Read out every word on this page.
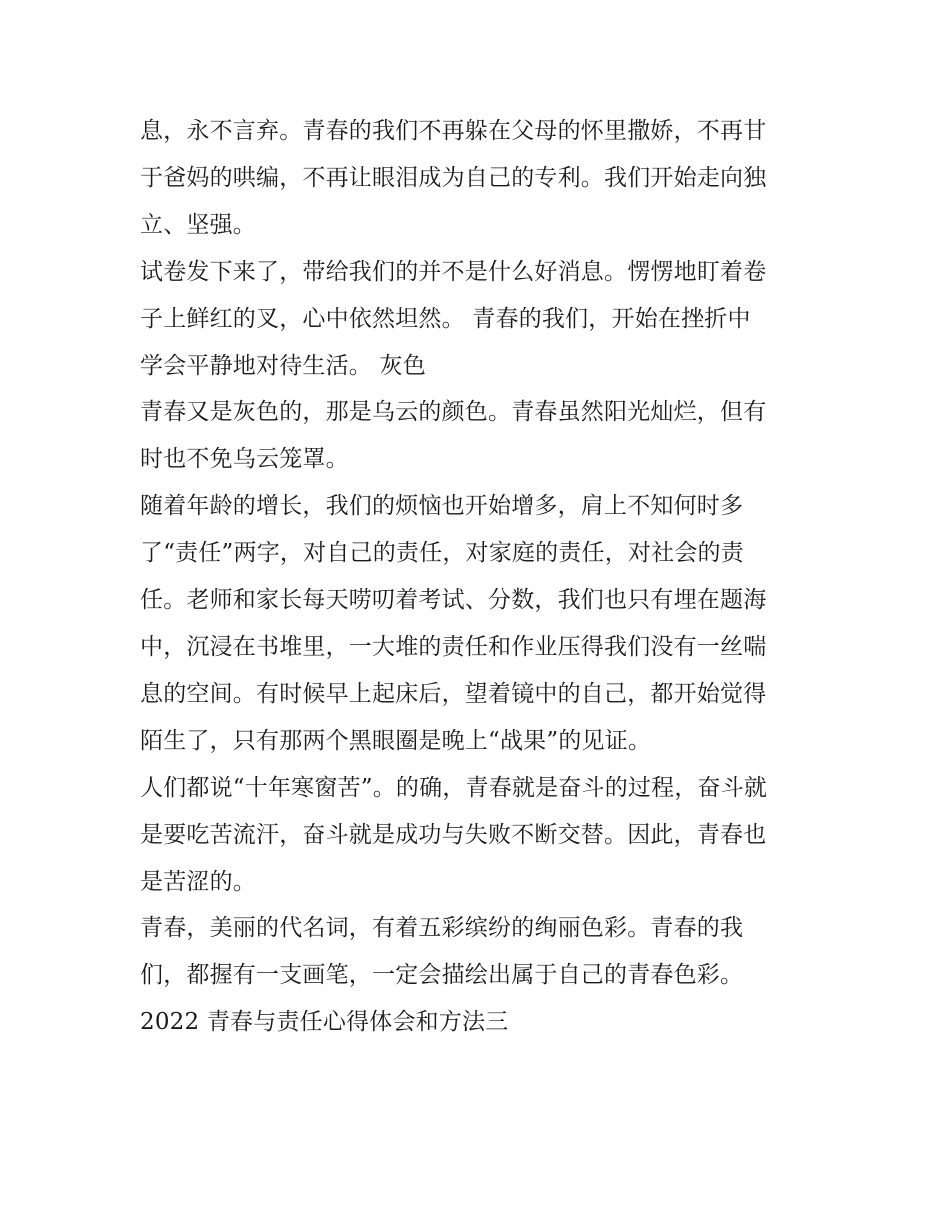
息，永不言弃。青春的我们不再躲在父母的怀里撒娇，不再甘
于爸妈的哄编，不再让眼泪成为自己的专利。我们开始走向独
立、坚强。

试卷发下来了，带给我们的并不是什么好消息。愣愣地盯着卷
子上鲜红的叉，心中依然坦然。 青春的我们，开始在挫折中
学会平静地对待生活。 灰色

青春又是灰色的，那是乌云的颜色。青春虽然阳光灿烂，但有
时也不免乌云笼罩。

随着年龄的增长，我们的烦恼也开始增多，肩上不知何时多
了“责任”两字，对自己的责任，对家庭的责任，对社会的责
任。老师和家长每天唠叨着考试、分数，我们也只有埋在题海
中，沉浸在书堆里，一大堆的责任和作业压得我们没有一丝喘
息的空间。有时候早上起床后，望着镜中的自己，都开始觉得
陌生了，只有那两个黑眼圈是晚上“战果”的见证。

人们都说“十年寒窗苦”。的确，青春就是奋斗的过程，奋斗就
是要吃苦流汗，奋斗就是成功与失败不断交替。因此，青春也
是苦涩的。

青春，美丽的代名词，有着五彩缤纷的绚丽色彩。青春的我
们，都握有一支画笔，一定会描绘出属于自己的青春色彩。

2022 青春与责任心得体会和方法三
